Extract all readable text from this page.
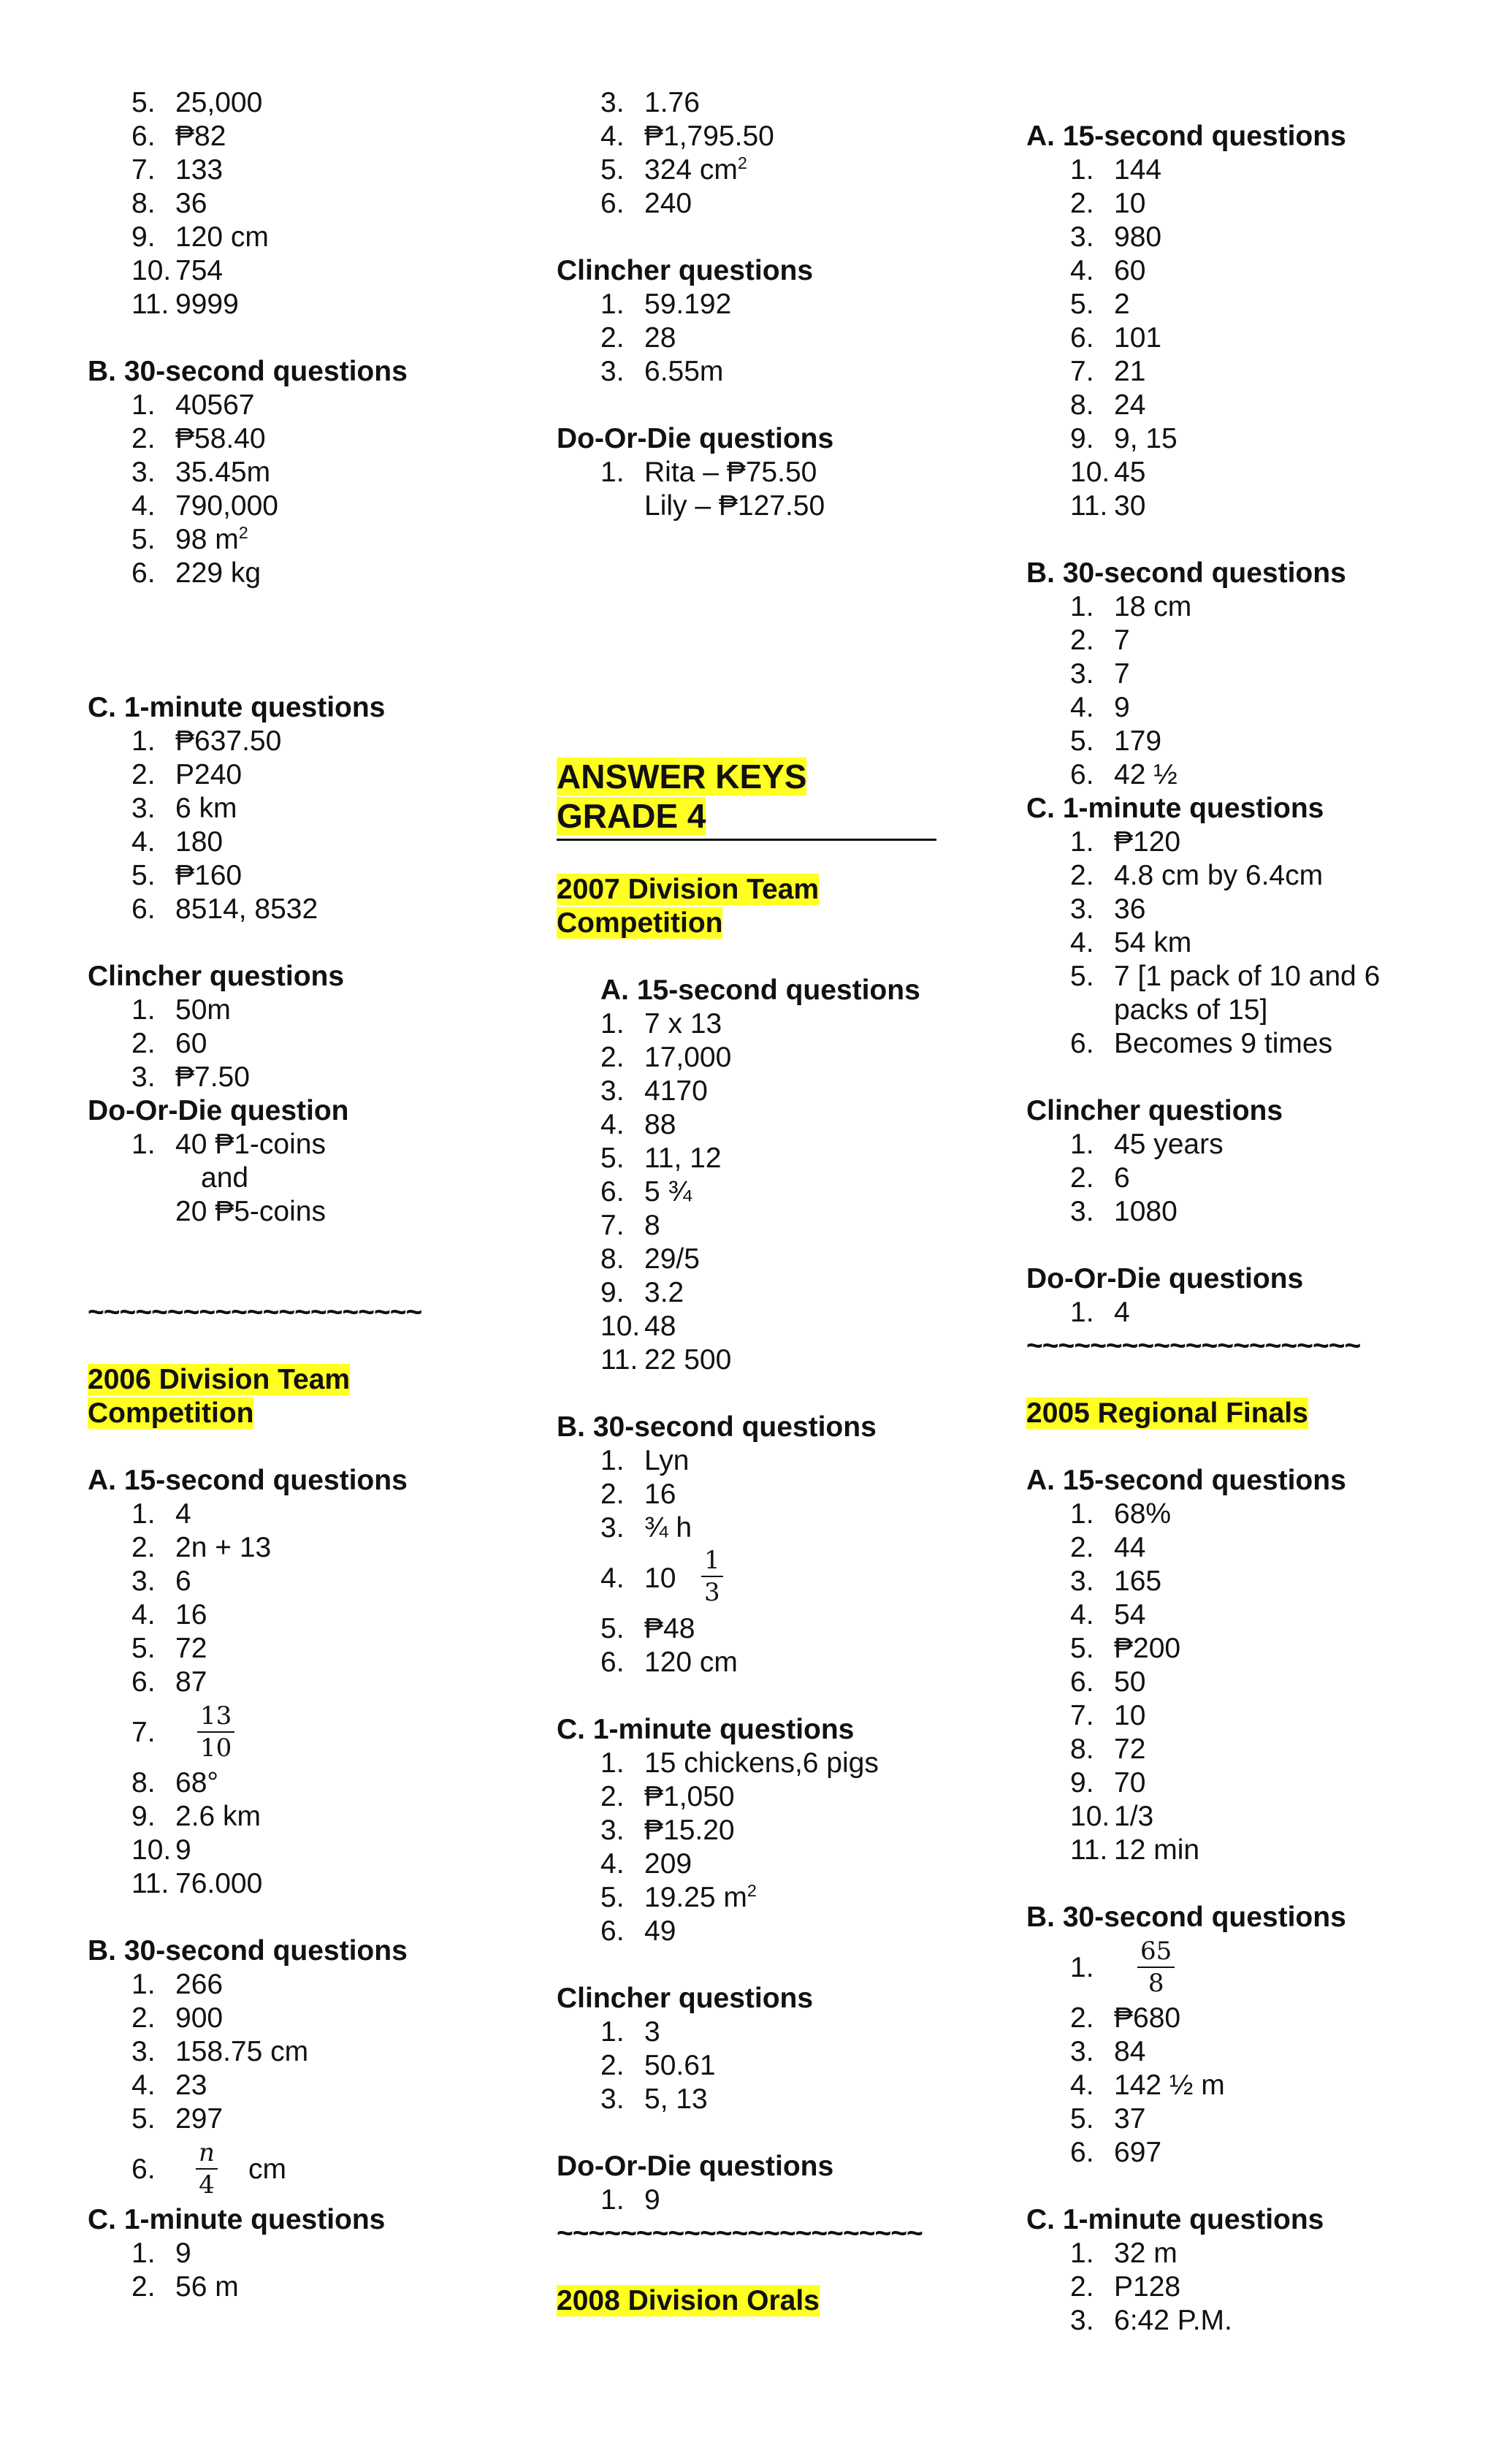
5. 25,000
6. ₱82
7. 133
8. 36
9. 120 cm
10. 754
11. 9999
B. 30-second questions
1. 40567
2. ₱58.40
3. 35.45m
4. 790,000
5. 98 $m^2$
6. 229 kg
C. 1-minute questions
1. ₱637.50
2. P240
3. 6 km
4. 180
5. ₱160
6. 8514, 8532
Clincher questions
1. 50m
2. 60
3. ₱7.50
Do-Or-Die question
1. 40 ₱1-coins
and
20 ₱5-coins
~~~~~~~~~~~~~~~~~~~~~
2006 Division Team
Competition
A. 15-second questions
1. 4
2. 2n + 13
3. 6
4. 16
5. 72
6. 87
7.	$\frac{13}{10}$
8. 68°
9. 2.6 km
10. 9
11. 76.000
B. 30-second questions
1. 266
2. 900
3. 158.75 cm
4. 23
5. 297
6.	$\frac{n}{4}$ cm
C. 1-minute questions
1. 9
2. 56 m
3. 1.76
4. ₱1,795.50
5. 324 $cm^2$
6. 240
Clincher questions
1. 59.192
2. 28
3. 6.55m
Do-Or-Die questions
1. Rita – ₱75.50
Lily – ₱127.50
ANSWER KEYS
GRADE 4
2007 Division Team
Competition
A. 15-second questions
1. 7 x 13
2. 17,000
3. 4170
4. 88
5. 11, 12
6. 5 ¾
7. 8
8. 29/5
9. 3.2
10. 48
11. 22 500
B. 30-second questions
1. Lyn
2. 16
3. ¾ h
4. $10 \frac{1}{3}$
5. ₱48
6. 120 cm
C. 1-minute questions
1. 15 chickens,6 pigs
2. ₱1,050
3. ₱15.20
4. 209
5. 19.25 $m^2$
6. 49
Clincher questions
1. 3
2. 50.61
3. 5, 13
Do-Or-Die questions
1. 9
~~~~~~~~~~~~~~~~~~~~~~~
2008 Division Orals
A. 15-second questions
1. 144
2. 10
3. 980
4. 60
5. 2
6. 101
7. 21
8. 24
9. 9, 15
10. 45
11. 30
B. 30-second questions
1. 18 cm
2. 7
3. 7
4. 9
5. 179
6. 42 ½
C. 1-minute questions
1. ₱120
2. 4.8 cm by 6.4cm
3. 36
4. 54 km
5. 7 [1 pack of 10 and 6
packs of 15]
6. Becomes 9 times
Clincher questions
1. 45 years
2. 6
3. 1080
Do-Or-Die questions
1. 4
~~~~~~~~~~~~~~~~~~~~~
2005 Regional Finals
A. 15-second questions
1. 68%
2. 44
3. 165
4. 54
5. ₱200
6. 50
7. 10
8. 72
9. 70
10. 1/3
11. 12 min
B. 30-second questions
1.	$\frac{65}{8}$
2. ₱680
3. 84
4. 142 ½ m
5. 37
6. 697
C. 1-minute questions
1. 32 m
2. P128
3. 6:42 P.M.
